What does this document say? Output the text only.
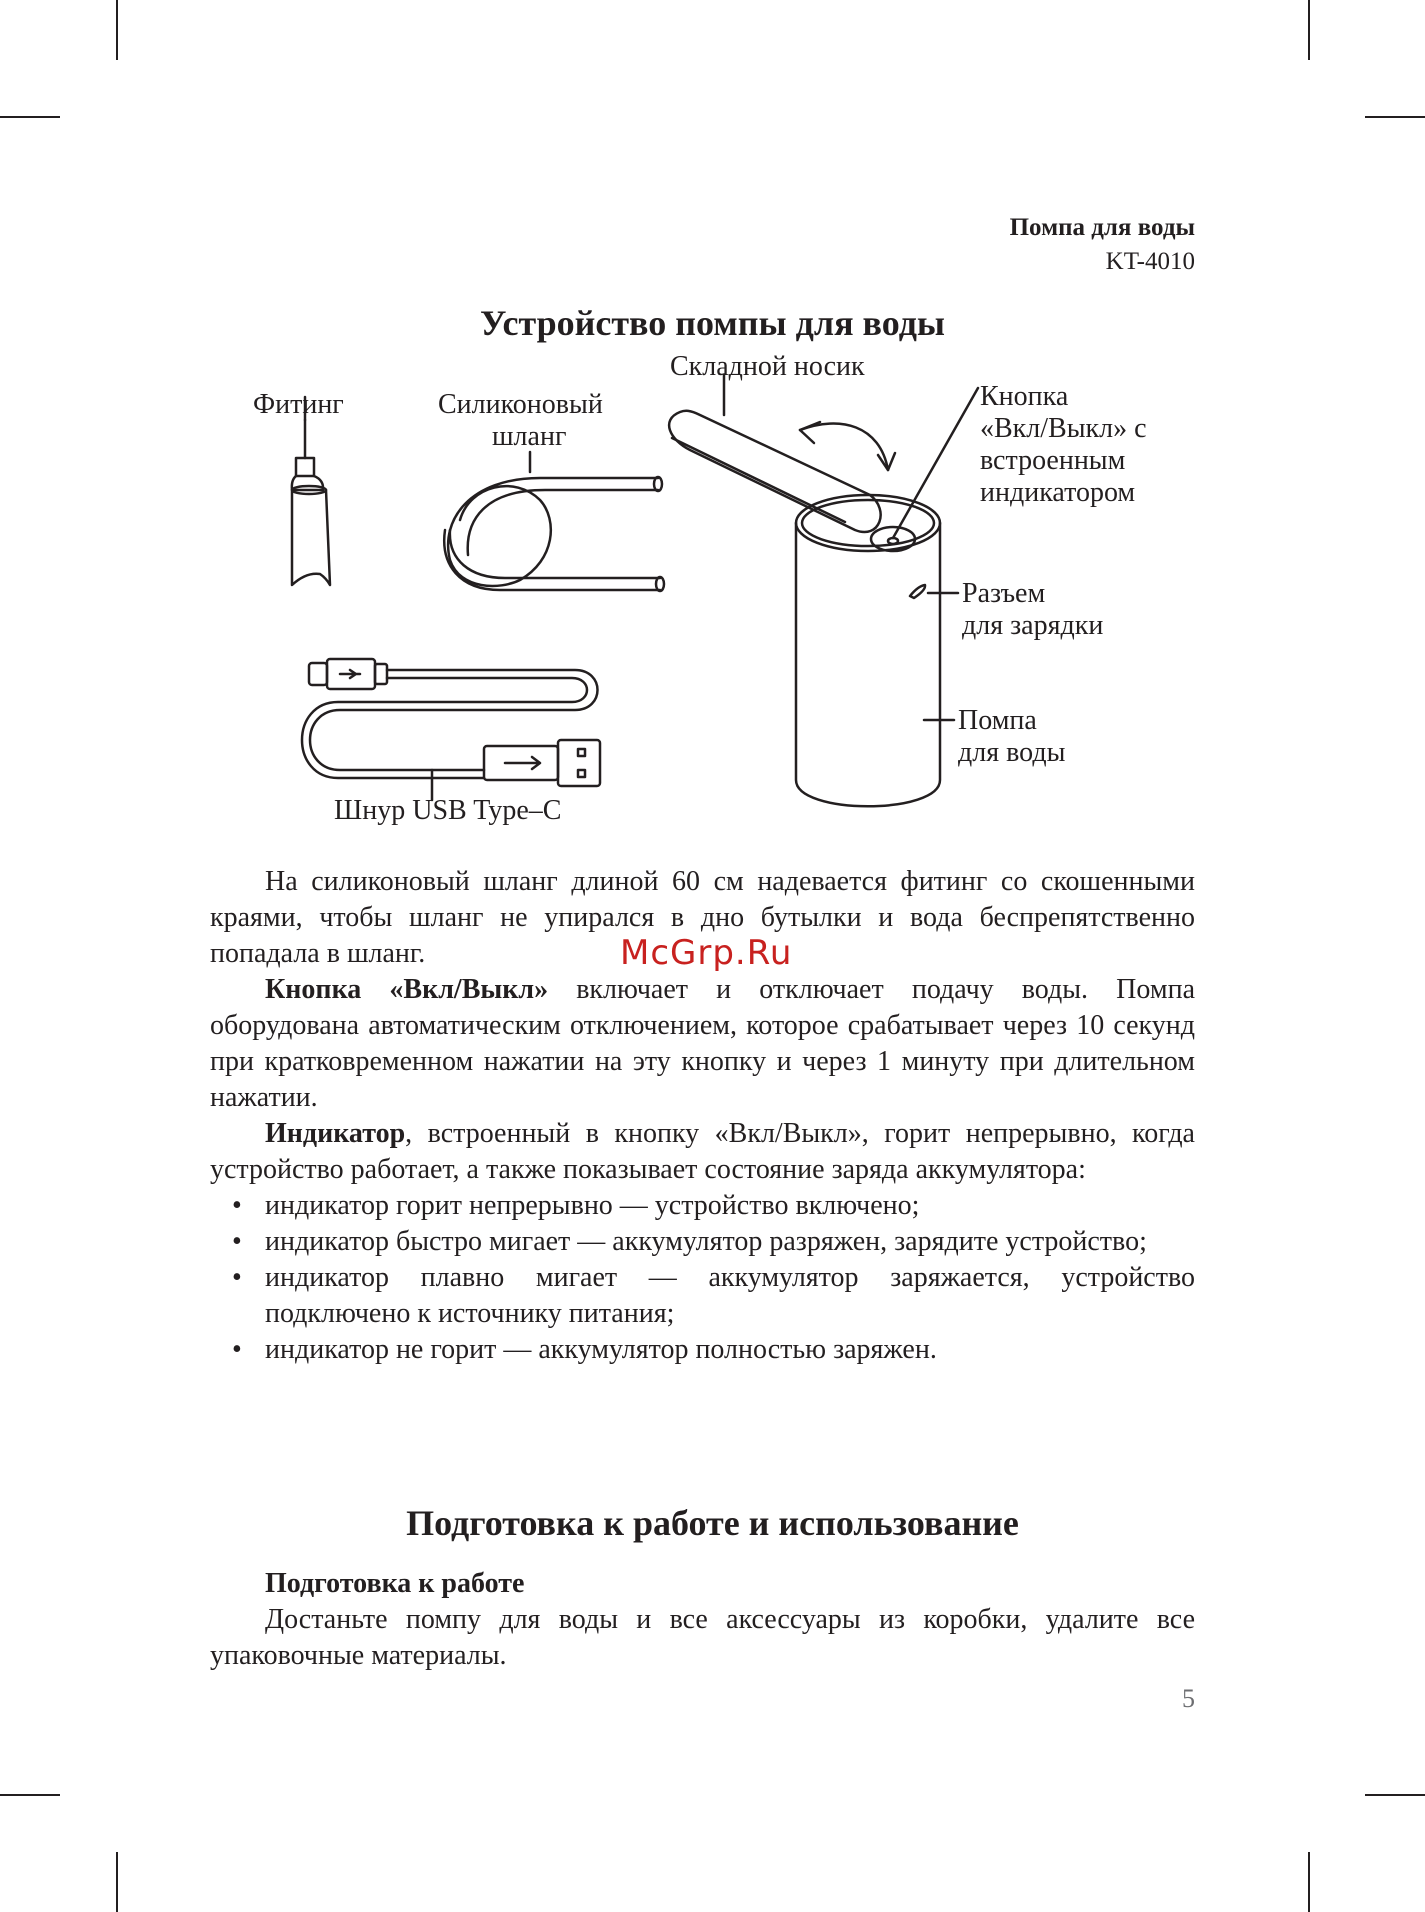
Помпа для воды
KT-4010
Устройство помпы для воды
Фитинг	Силиконовый
шланг
Складной носик
Кнопка
«Вкл/Выкл» с
встроенным
индикатором
Разъем
для зарядки
Помпа
для воды
Шнур USB Type–C

На силиконовый шланг длиной 60 см надевается фитинг со скошенными краями, чтобы шланг не упирался в дно бутылки и вода беспрепятственно попадала в шланг.

Кнопка «Вкл/Выкл» включает и отключает подачу воды. Помпа оборудована автоматическим отключением, которое срабатывает через 10 секунд при кратковременном нажатии на эту кнопку и через 1 минуту при длительном нажатии.

Индикатор, встроенный в кнопку «Вкл/Выкл», горит непрерывно, когда устройство работает, а также показывает состояние заряда аккумулятора:

• индикатор горит непрерывно — устройство включено;
• индикатор быстро мигает — аккумулятор разряжен, зарядите устройство;
• индикатор плавно мигает — аккумулятор заряжается, устройство подключено к источнику питания;
• индикатор не горит — аккумулятор полностью заряжен.
McGrp.Ru
Подготовка к работе и использование

Подготовка к работе

Достаньте помпу для воды и все аксессуары из коробки, удалите все упаковочные материалы.

5
